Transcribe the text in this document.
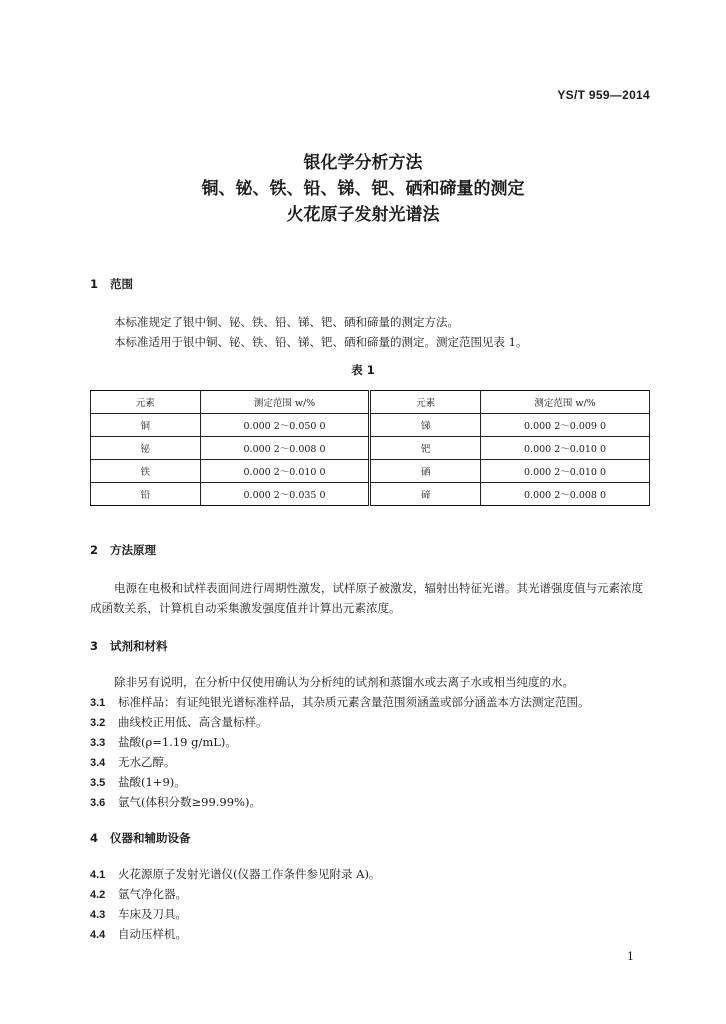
YS/T 959—2014
银化学分析方法
铜、铋、铁、铅、锑、钯、硒和碲量的测定
火花原子发射光谱法
1 范围
本标准规定了银中铜、铋、铁、铅、锑、钯、硒和碲量的测定方法。
本标准适用于银中铜、铋、铁、铅、锑、钯、硒和碲量的测定。测定范围见表 1。
表 1
元素	测定范围 w/%	元素	测定范围 w/%
铜	0.000 2～0.050 0	锑	0.000 2～0.009 0
铋	0.000 2～0.008 0	钯	0.000 2～0.010 0
铁	0.000 2～0.010 0	硒	0.000 2～0.010 0
铅	0.000 2～0.035 0	碲	0.000 2～0.008 0
2 方法原理
电源在电极和试样表面间进行周期性激发，试样原子被激发，辐射出特征光谱。其光谱强度值与元素浓度成函数关系，计算机自动采集激发强度值并计算出元素浓度。
3 试剂和材料
除非另有说明，在分析中仅使用确认为分析纯的试剂和蒸馏水或去离子水或相当纯度的水。
3.1 标准样品：有证纯银光谱标准样品，其杂质元素含量范围须涵盖或部分涵盖本方法测定范围。
3.2 曲线校正用低、高含量标样。
3.3 盐酸(ρ=1.19 g/mL)。
3.4 无水乙醇。
3.5 盐酸(1+9)。
3.6 氩气(体积分数≥99.99%)。
4 仪器和辅助设备
4.1 火花源原子发射光谱仪(仪器工作条件参见附录 A)。
4.2 氩气净化器。
4.3 车床及刀具。
4.4 自动压样机。
1
